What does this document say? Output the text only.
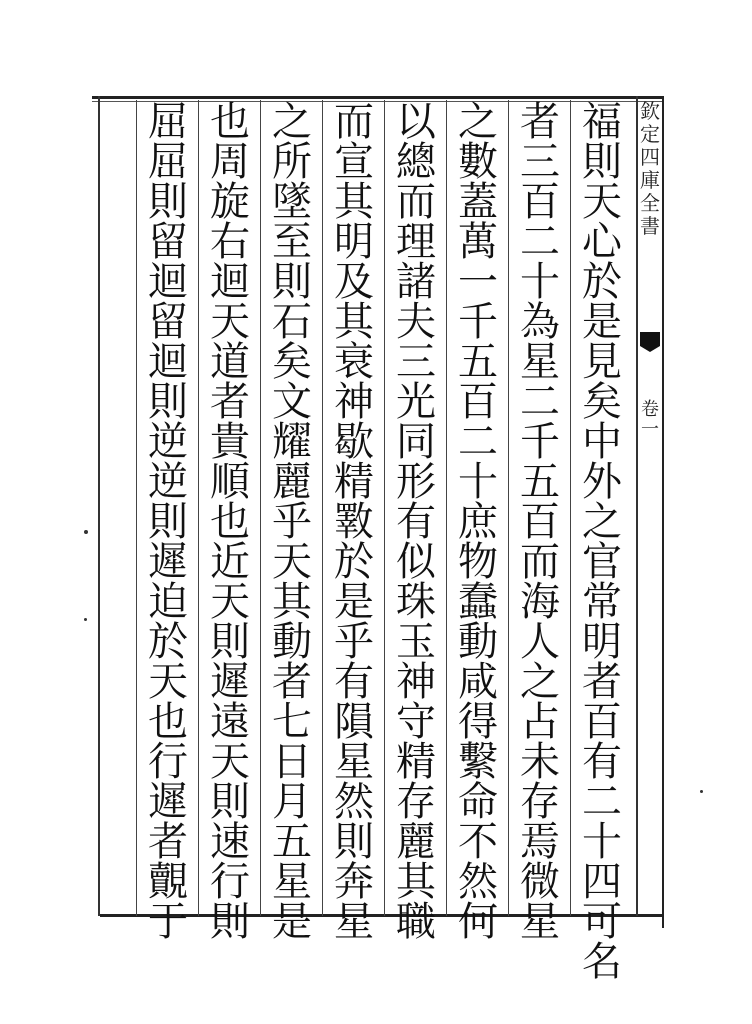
欽
定
四
庫
全
書
卷
一
福
則
天
心
於
是
見
矣
中
外
之
官
常
明
者
百
有
二
十
四
可
名
者
三
百
二
十
為
星
二
千
五
百
而
海
人
之
占
未
存
焉
微
星
之
數
蓋
萬
一
千
五
百
二
十
庶
物
蠢
動
咸
得
繫
命
不
然
何
以
總
而
理
諸
夫
三
光
同
形
有
似
珠
玉
神
守
精
存
麗
其
職
而
宣
其
明
及
其
衰
神
歇
精
斁
於
是
乎
有
隕
星
然
則
奔
星
之
所
墜
至
則
石
矣
文
耀
麗
乎
天
其
動
者
七
日
月
五
星
是
也
周
旋
右
迴
天
道
者
貴
順
也
近
天
則
遲
遠
天
則
速
行
則
屈
屈
則
留
迴
留
迴
則
逆
逆
則
遲
迫
於
天
也
行
遲
者
覿
于
